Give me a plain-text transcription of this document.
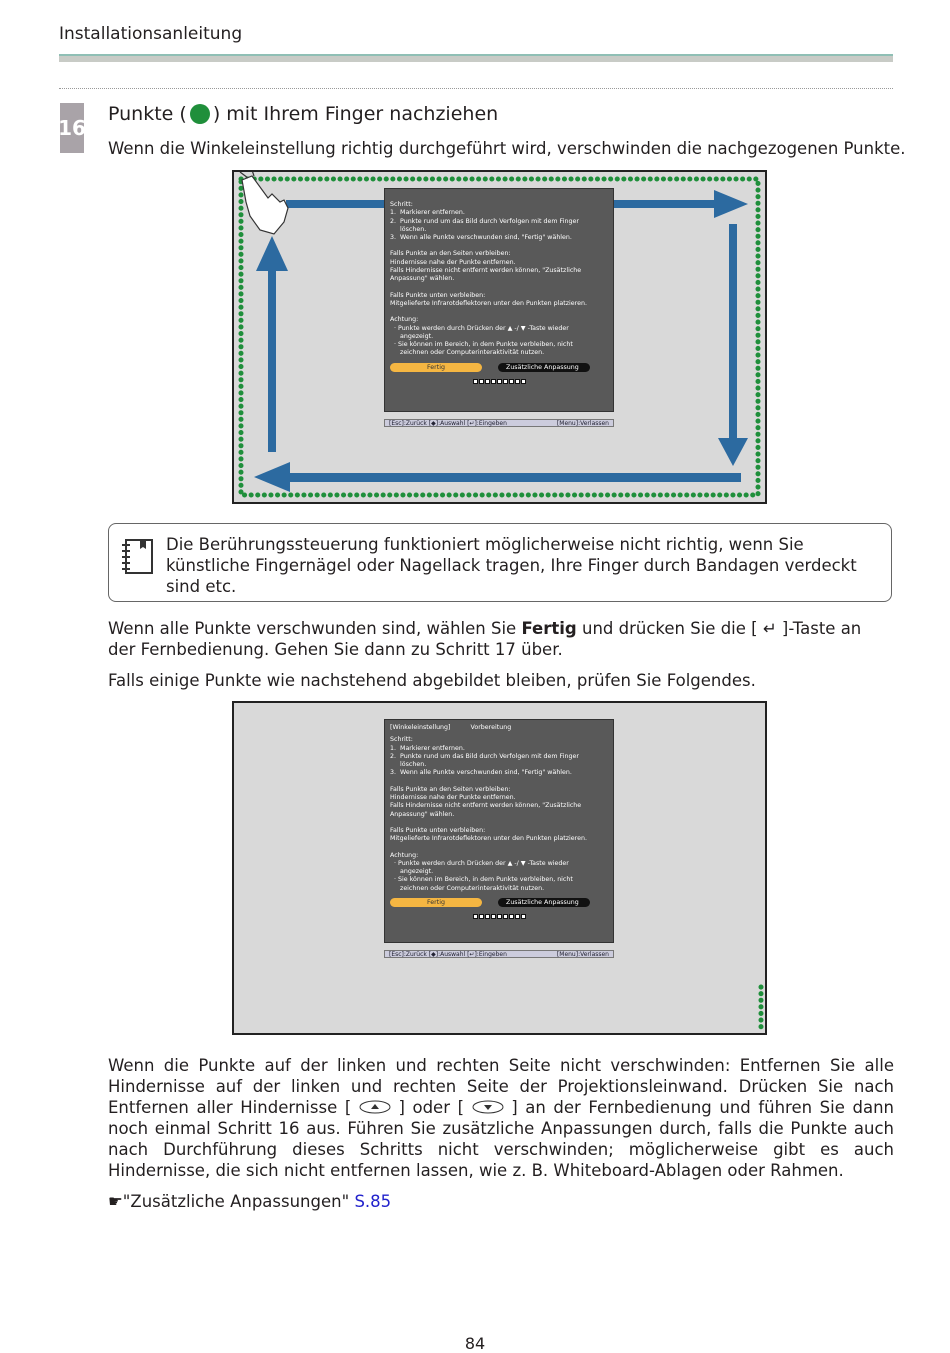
Installationsanleitung
16
Punkte ( ) mit Ihrem Finger nachziehen
Wenn die Winkeleinstellung richtig durchgeführt wird, verschwinden die nachgezogenen Punkte.
Schritt:
1.  Markierer entfernen.
2.  Punkte rund um das Bild durch Verfolgen mit dem Finger
löschen.
3.  Wenn alle Punkte verschwunden sind, "Fertig" wählen.
Falls Punkte an den Seiten verbleiben:
Hindernisse nahe der Punkte entfernen.
Falls Hindernisse nicht entfernt werden können, "Zusätzliche
Anpassung" wählen.
Falls Punkte unten verbleiben:
Mitgelieferte Infrarotdeflektoren unter den Punkten platzieren.
Achtung:
· Punkte werden durch Drücken der ▲ -/ ▼ -Taste wieder
angezeigt.
· Sie können im Bereich, in dem Punkte verbleiben, nicht
zeichnen oder Computerinteraktivität nutzen.
Fertig	Zusätzliche Anpassung
[Esc]:Zurück [◆]:Auswahl [↵]:Eingeben	[Menu]:Verlassen
Die Berührungssteuerung funktioniert möglicherweise nicht richtig, wenn Sie künstliche Fingernägel oder Nagellack tragen, Ihre Finger durch Bandagen verdeckt sind etc.
Wenn alle Punkte verschwunden sind, wählen Sie Fertig und drücken Sie die [ ↵ ]-Taste an der Fernbedienung. Gehen Sie dann zu Schritt 17 über.
Falls einige Punkte wie nachstehend abgebildet bleiben, prüfen Sie Folgendes.
[Winkeleinstellung]	Vorbereitung
Schritt:
1.  Markierer entfernen.
2.  Punkte rund um das Bild durch Verfolgen mit dem Finger
löschen.
3.  Wenn alle Punkte verschwunden sind, "Fertig" wählen.
Falls Punkte an den Seiten verbleiben:
Hindernisse nahe der Punkte entfernen.
Falls Hindernisse nicht entfernt werden können, "Zusätzliche
Anpassung" wählen.
Falls Punkte unten verbleiben:
Mitgelieferte Infrarotdeflektoren unter den Punkten platzieren.
Achtung:
· Punkte werden durch Drücken der ▲ -/ ▼ -Taste wieder
angezeigt.
· Sie können im Bereich, in dem Punkte verbleiben, nicht
zeichnen oder Computerinteraktivität nutzen.
Fertig	Zusätzliche Anpassung
[Esc]:Zurück [◆]:Auswahl [↵]:Eingeben	[Menu]:Verlassen
Wenn die Punkte auf der linken und rechten Seite nicht verschwinden: Entfernen Sie alle Hindernisse auf der linken und rechten Seite der Projektionsleinwand. Drücken Sie nach Entfernen aller Hindernisse [	] oder [	] an der Fernbedienung und führen Sie dann noch einmal Schritt 16 aus. Führen Sie zusätzliche Anpassungen durch, falls die Punkte auch nach Durchführung dieses Schritts nicht verschwinden; möglicherweise gibt es auch Hindernisse, die sich nicht entfernen lassen, wie z. B. Whiteboard-Ablagen oder Rahmen.
☛"Zusätzliche Anpassungen" S.85
84
